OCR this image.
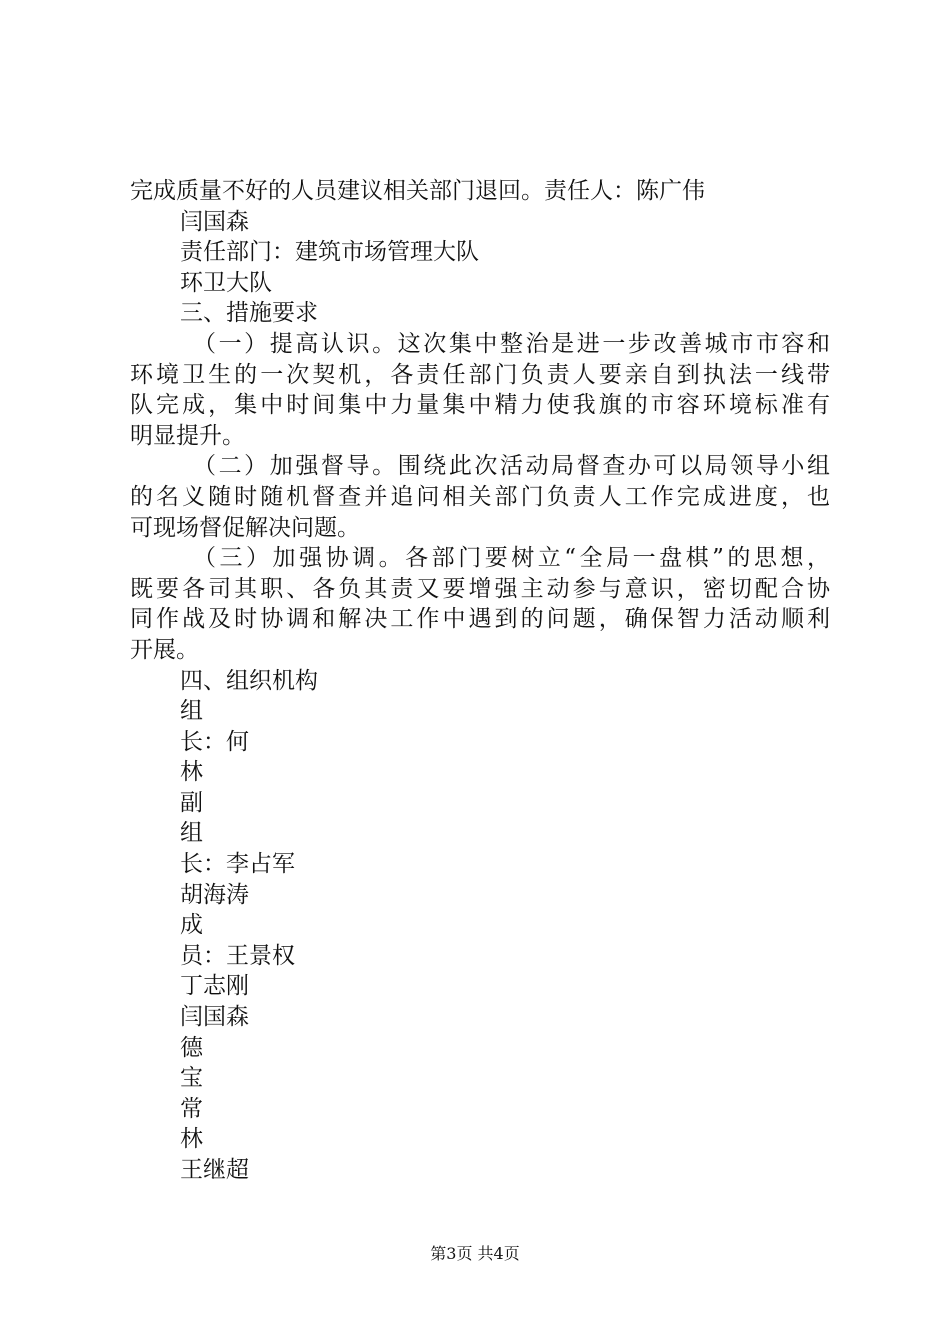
完成质量不好的人员建议相关部门退回。责任人：陈广伟
闫国森
责任部门：建筑市场管理大队
环卫大队
三、措施要求
（一）提高认识。这次集中整治是进一步改善城市市容和
环境卫生的一次契机，各责任部门负责人要亲自到执法一线带
队完成，集中时间集中力量集中精力使我旗的市容环境标准有
明显提升。
（二）加强督导。围绕此次活动局督查办可以局领导小组
的名义随时随机督查并追问相关部门负责人工作完成进度，也
可现场督促解决问题。
（三）加强协调。各部门要树立“全局一盘棋”的思想，
既要各司其职、各负其责又要增强主动参与意识，密切配合协
同作战及时协调和解决工作中遇到的问题，确保智力活动顺利
开展。
四、组织机构
组
长：何
林
副
组
长：李占军
胡海涛
成
员：王景权
丁志刚
闫国森
德
宝
常
林
王继超
第3页 共4页
